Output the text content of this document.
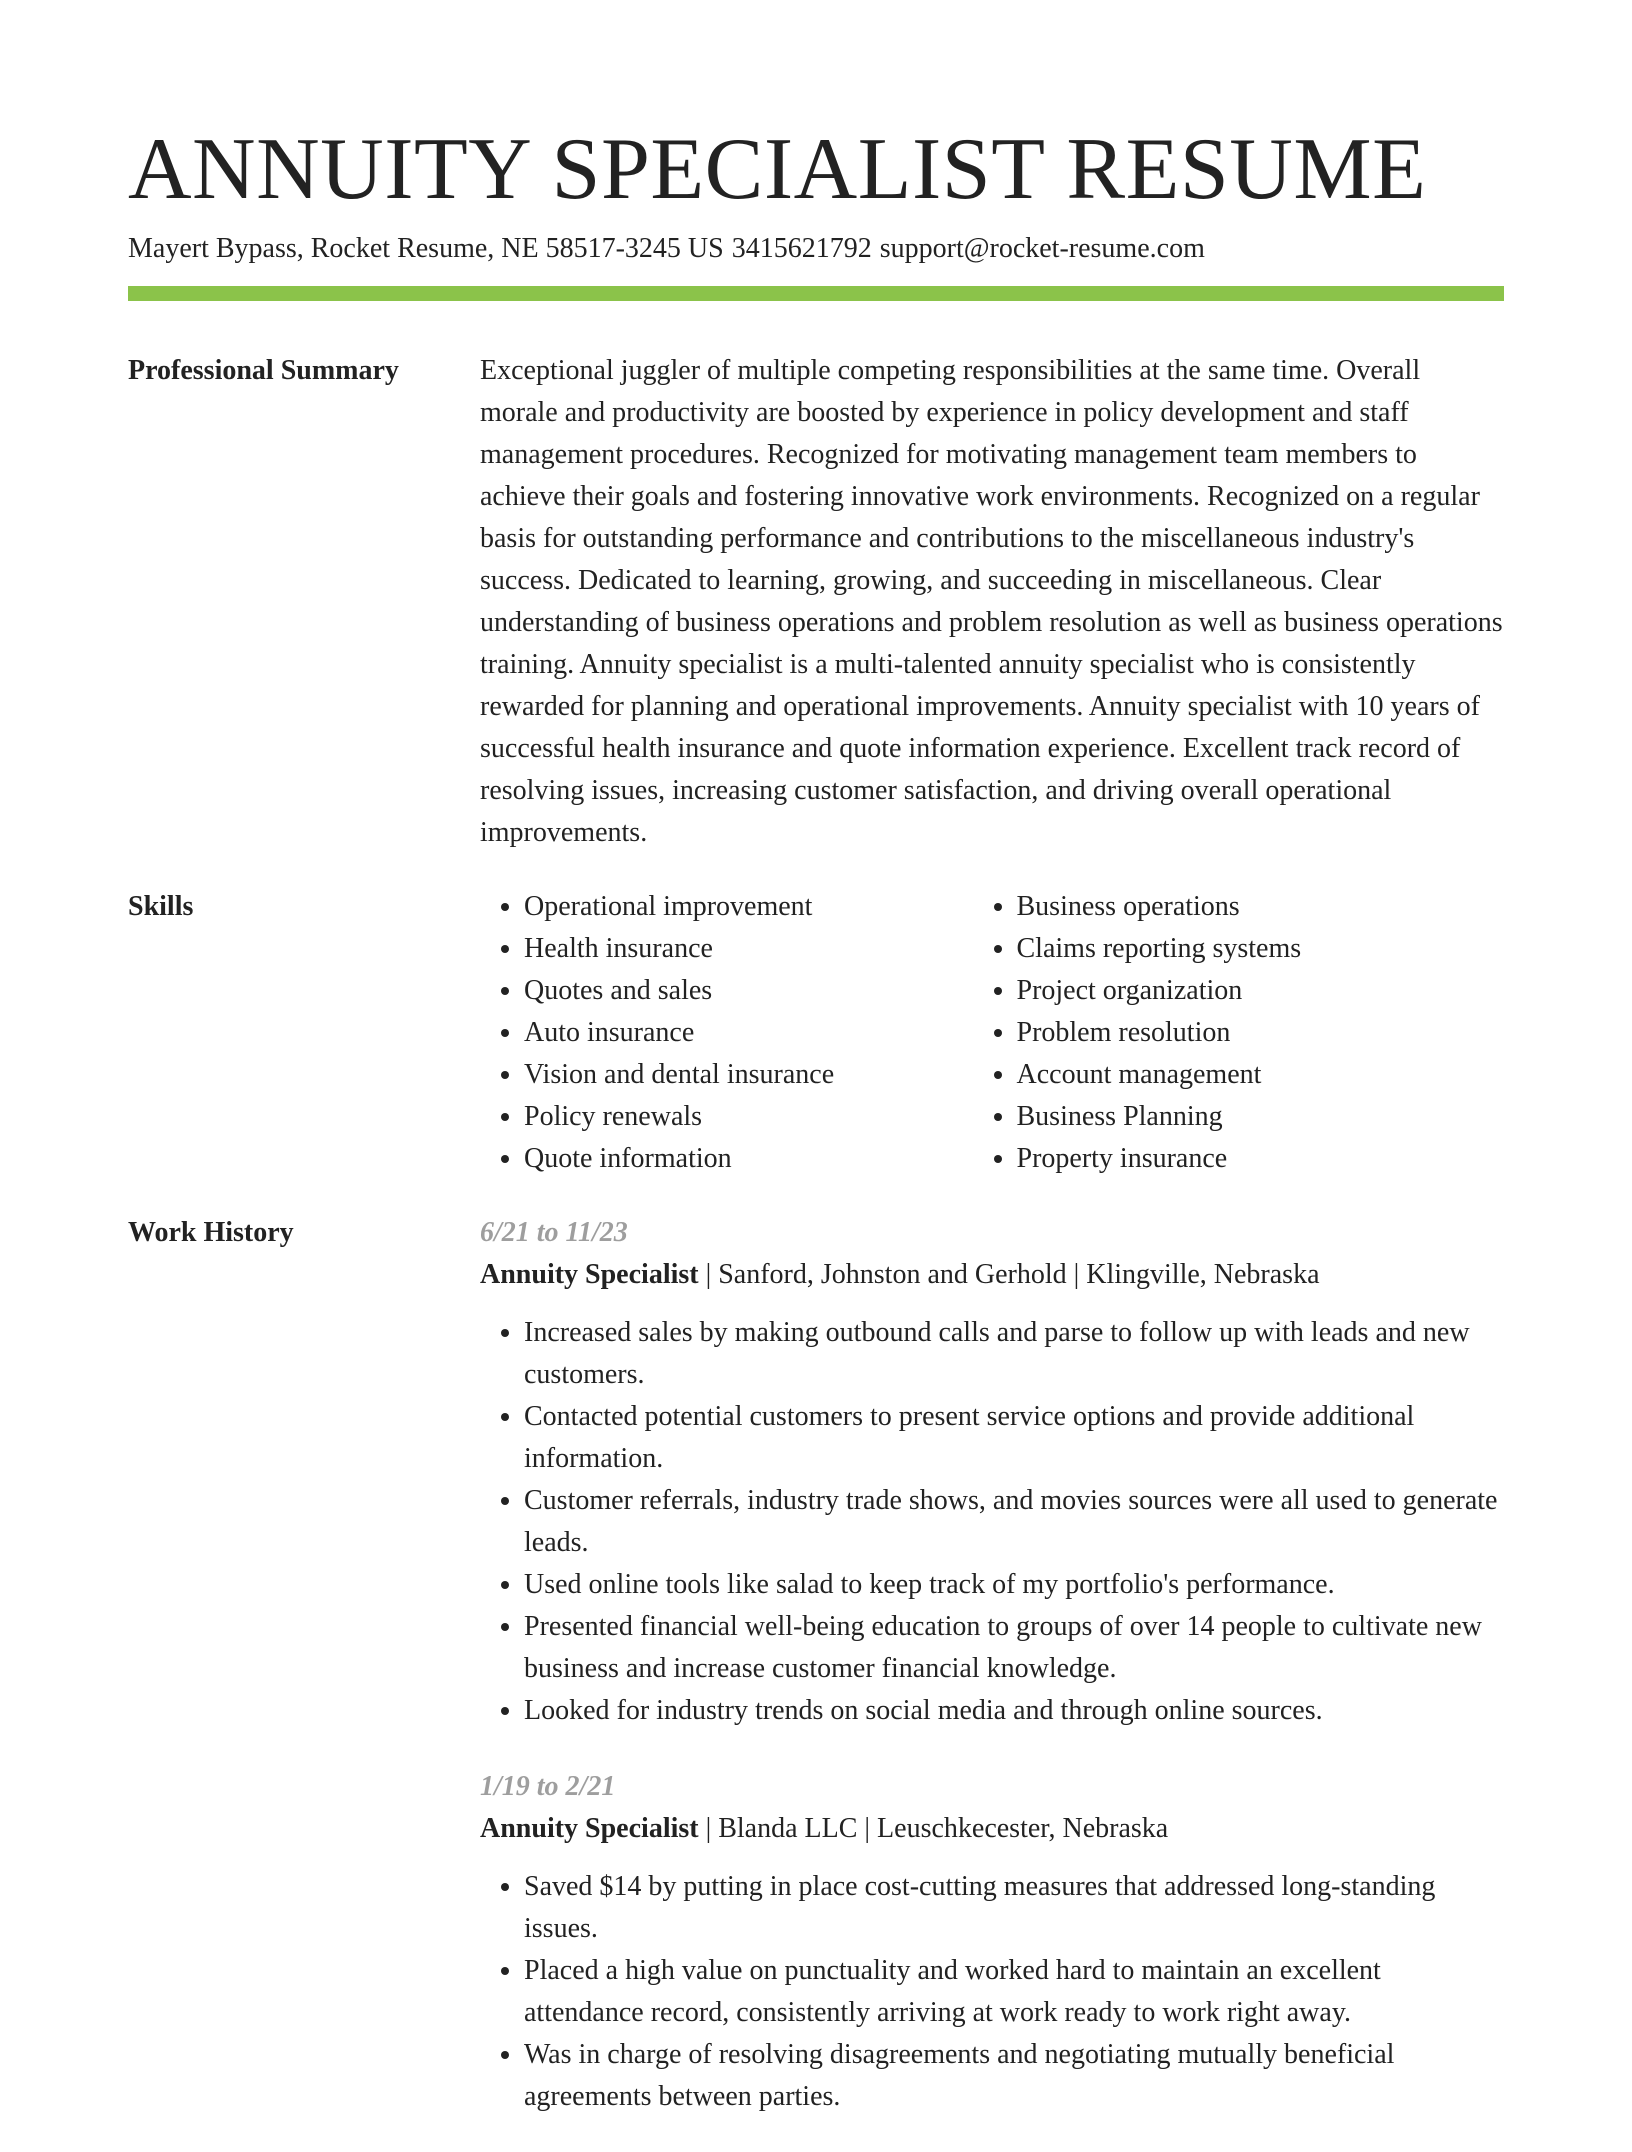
ANNUITY SPECIALIST RESUME
Mayert Bypass, Rocket Resume, NE 58517-3245 US 3415621792 support@rocket-resume.com
Professional Summary	Exceptional juggler of multiple competing responsibilities at the same time. Overall morale and productivity are boosted by experience in policy development and staff management procedures. Recognized for motivating management team members to achieve their goals and fostering innovative work environments. Recognized on a regular basis for outstanding performance and contributions to the miscellaneous industry's success. Dedicated to learning, growing, and succeeding in miscellaneous. Clear understanding of business operations and problem resolution as well as business operations training. Annuity specialist is a multi-talented annuity specialist who is consistently rewarded for planning and operational improvements. Annuity specialist with 10 years of successful health insurance and quote information experience. Excellent track record of resolving issues, increasing customer satisfaction, and driving overall operational improvements.

Skills
•	Operational improvement
• Health insurance
• Quotes and sales
• Auto insurance
• Vision and dental insurance
• Policy renewals
• Quote information
• Business operations
• Claims reporting systems
• Project organization
• Problem resolution
• Account management
• Business Planning
• Property insurance
Work History	6/21 to 11/23
Annuity Specialist | Sanford, Johnston and Gerhold | Klingville, Nebraska
• Increased sales by making outbound calls and parse to follow up with leads and new customers.
• Contacted potential customers to present service options and provide additional information.
• Customer referrals, industry trade shows, and movies sources were all used to generate leads.
• Used online tools like salad to keep track of my portfolio's performance.
• Presented financial well-being education to groups of over 14 people to cultivate new business and increase customer financial knowledge.
• Looked for industry trends on social media and through online sources.
1/19 to 2/21
Annuity Specialist | Blanda LLC | Leuschkecester, Nebraska
• Saved $14 by putting in place cost-cutting measures that addressed long-standing issues.
• Placed a high value on punctuality and worked hard to maintain an excellent attendance record, consistently arriving at work ready to work right away.
• Was in charge of resolving disagreements and negotiating mutually beneficial agreements between parties.
